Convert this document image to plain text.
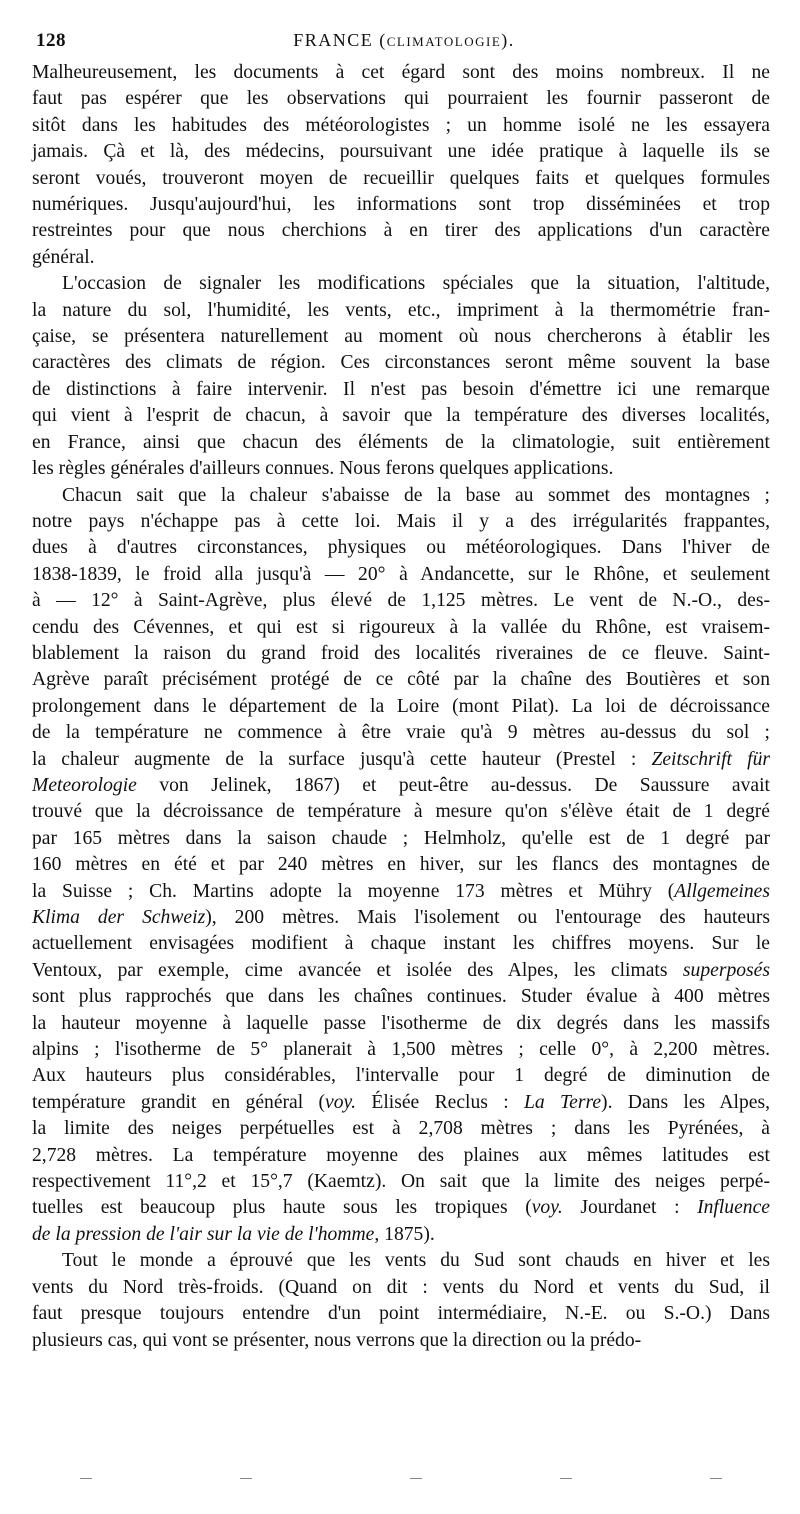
128	FRANCE (CLIMATOLOGIE).

Malheureusement, les documents à cet égard sont des moins nombreux. Il ne
faut pas espérer que les observations qui pourraient les fournir passeront de
sitôt dans les habitudes des météorologistes ; un homme isolé ne les essayera
jamais. Çà et là, des médecins, poursuivant une idée pratique à laquelle ils se
seront voués, trouveront moyen de recueillir quelques faits et quelques formules
numériques. Jusqu'aujourd'hui, les informations sont trop disséminées et trop
restreintes pour que nous cherchions à en tirer des applications d'un caractère
général.

L'occasion de signaler les modifications spéciales que la situation, l'altitude,
la nature du sol, l'humidité, les vents, etc., impriment à la thermométrie fran-
çaise, se présentera naturellement au moment où nous chercherons à établir les
caractères des climats de région. Ces circonstances seront même souvent la base
de distinctions à faire intervenir. Il n'est pas besoin d'émettre ici une remarque
qui vient à l'esprit de chacun, à savoir que la température des diverses localités,
en France, ainsi que chacun des éléments de la climatologie, suit entièrement
les règles générales d'ailleurs connues. Nous ferons quelques applications.

Chacun sait que la chaleur s'abaisse de la base au sommet des montagnes ;
notre pays n'échappe pas à cette loi. Mais il y a des irrégularités frappantes,
dues à d'autres circonstances, physiques ou météorologiques. Dans l'hiver de
1838-1839, le froid alla jusqu'à — 20° à Andancette, sur le Rhône, et seulement
à — 12° à Saint-Agrève, plus élevé de 1,125 mètres. Le vent de N.-O., des-
cendu des Cévennes, et qui est si rigoureux à la vallée du Rhône, est vraisem-
blablement la raison du grand froid des localités riveraines de ce fleuve. Saint-
Agrève paraît précisément protégé de ce côté par la chaîne des Boutières et son
prolongement dans le département de la Loire (mont Pilat). La loi de décroissance
de la température ne commence à être vraie qu'à 9 mètres au-dessus du sol ;
la chaleur augmente de la surface jusqu'à cette hauteur (Prestel : Zeitschrift für
Meteorologie von Jelinek, 1867) et peut-être au-dessus. De Saussure avait
trouvé que la décroissance de température à mesure qu'on s'élève était de 1 degré
par 165 mètres dans la saison chaude ; Helmholz, qu'elle est de 1 degré par
160 mètres en été et par 240 mètres en hiver, sur les flancs des montagnes de
la Suisse ; Ch. Martins adopte la moyenne 173 mètres et Mühry (Allgemeines
Klima der Schweiz), 200 mètres. Mais l'isolement ou l'entourage des hauteurs
actuellement envisagées modifient à chaque instant les chiffres moyens. Sur le
Ventoux, par exemple, cime avancée et isolée des Alpes, les climats superposés
sont plus rapprochés que dans les chaînes continues. Studer évalue à 400 mètres
la hauteur moyenne à laquelle passe l'isotherme de dix degrés dans les massifs
alpins ; l'isotherme de 5° planerait à 1,500 mètres ; celle 0°, à 2,200 mètres.
Aux hauteurs plus considérables, l'intervalle pour 1 degré de diminution de
température grandit en général (voy. Élisée Reclus : La Terre). Dans les Alpes,
la limite des neiges perpétuelles est à 2,708 mètres ; dans les Pyrénées, à
2,728 mètres. La température moyenne des plaines aux mêmes latitudes est
respectivement 11°,2 et 15°,7 (Kaemtz). On sait que la limite des neiges perpé-
tuelles est beaucoup plus haute sous les tropiques (voy. Jourdanet : Influence
de la pression de l'air sur la vie de l'homme, 1875).

Tout le monde a éprouvé que les vents du Sud sont chauds en hiver et les
vents du Nord très-froids. (Quand on dit : vents du Nord et vents du Sud, il
faut presque toujours entendre d'un point intermédiaire, N.-E. ou S.-O.) Dans
plusieurs cas, qui vont se présenter, nous verrons que la direction ou la prédo-
